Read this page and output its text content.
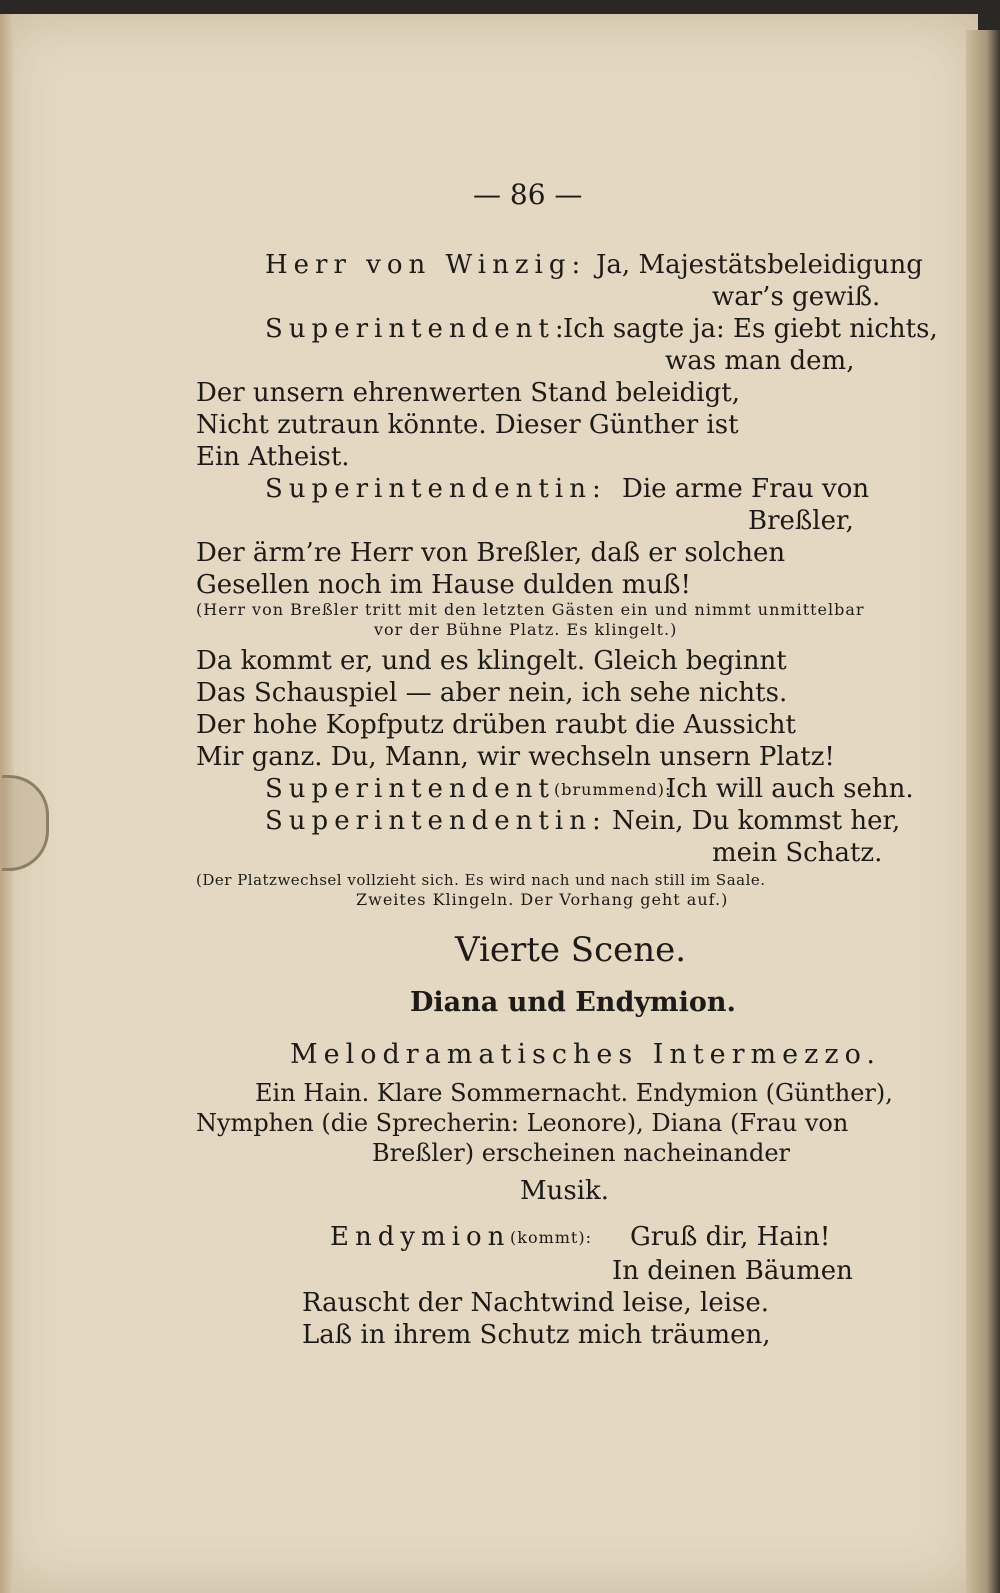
— 86 —
Herr von Winzig: Ja, Majestätsbeleidigung
war’s gewiß.
Superintendent:
Ich sagte ja: Es giebt nichts,
was man dem,
Der unsern ehrenwerten Stand beleidigt,
Nicht zutraun könnte. Dieser Günther ist
Ein Atheist.
Superintendentin: Die arme Frau von
Breßler,
Der ärm’re Herr von Breßler, daß er solchen
Gesellen noch im Hause dulden muß!
(Herr von Breßler tritt mit den letzten Gästen ein und nimmt unmittelbar
vor der Bühne Platz. Es klingelt.)
Da kommt er, und es klingelt. Gleich beginnt
Das Schauspiel — aber nein, ich sehe nichts.
Der hohe Kopfputz drüben raubt die Aussicht
Mir ganz. Du, Mann, wir wechseln unsern Platz!
Superintendent (brummend):
Ich will auch sehn.
Superintendentin: Nein, Du kommst her,
mein Schatz.
(Der Platzwechsel vollzieht sich. Es wird nach und nach still im Saale.
Zweites Klingeln. Der Vorhang geht auf.)
Vierte Scene.
Diana und Endymion.
Melodramatisches Intermezzo.
Ein Hain. Klare Sommernacht. Endymion (Günther),
Nymphen (die Sprecherin: Leonore), Diana (Frau von
Breßler) erscheinen nacheinander
Musik.
Endymion (kommt): Gruß dir, Hain!
In deinen Bäumen
Rauscht der Nachtwind leise, leise.
Laß in ihrem Schutz mich träumen,
